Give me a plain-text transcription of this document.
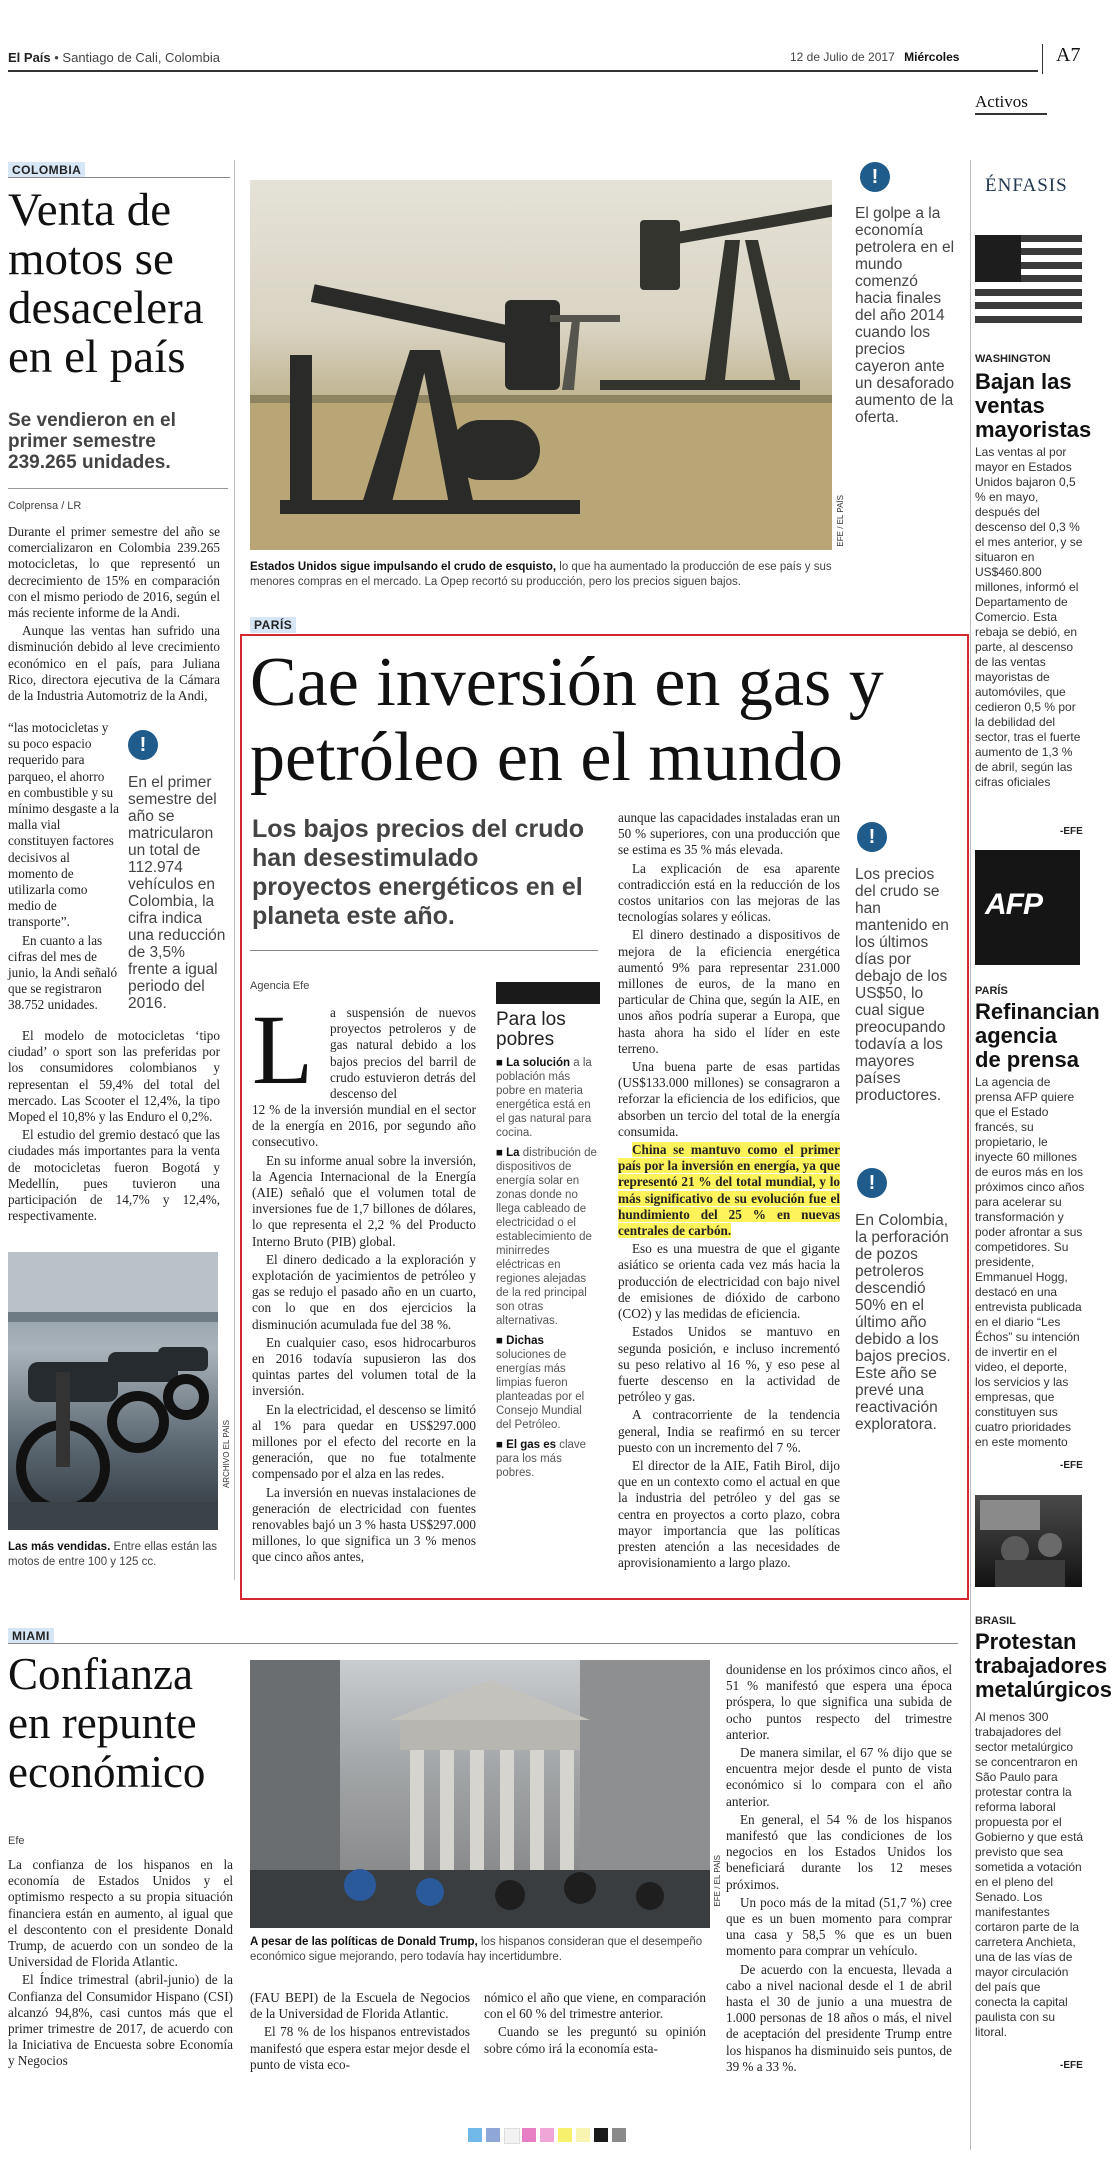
El País • Santiago de Cali, Colombia	12 de Julio de 2017 Miércoles	A7
Activos
COLOMBIA
Venta de
motos se
desacelera
en el país

Se vendieron en el primer semestre 239.265 unidades.

Colprensa / LR

Durante el primer semestre del año se comercializaron en Colombia 239.265 motocicletas, lo que representó un decrecimiento de 15% en comparación con el mismo periodo de 2016, según el más reciente informe de la Andi.

Aunque las ventas han sufrido una disminución debido al leve crecimiento económico en el país, para Juliana Rico, directora ejecutiva de la Cámara de la Industria Automotriz de la Andi,

“las motocicletas y su poco espacio requerido para parqueo, el ahorro en combustible y su mínimo desgaste a la malla vial constituyen factores decisivos al momento de utilizarla como medio de transporte”.

En cuanto a las cifras del mes de junio, la Andi señaló que se registraron 38.752 unidades.

!
En el primer semestre del año se matricularon un total de 112.974 vehículos en Colombia, la cifra indica una reducción de 3,5% frente a igual periodo del 2016.

El modelo de motocicletas ‘tipo ciudad’ o sport son las preferidas por los consumidores colombianos y representan el 59,4% del total del mercado. Las Scooter el 12,4%, la tipo Moped el 10,8% y las Enduro el 0,2%.

El estudio del gremio destacó que las ciudades más importantes para la venta de motocicletas fueron Bogotá y Medellín, pues tuvieron una participación de 14,7% y 12,4%, respectivamente.

ARCHIVO EL PAÍS
Las más vendidas. Entre ellas están las motos de entre 100 y 125 cc.
EFE / EL PAÍS
Estados Unidos sigue impulsando el crudo de esquisto, lo que ha aumentado la producción de ese país y sus menores compras en el mercado. La Opep recortó su producción, pero los precios siguen bajos.
!
El golpe a la economía petrolera en el mundo comenzó hacia finales del año 2014 cuando los precios cayeron ante un desaforado aumento de la oferta.
PARÍS
Cae inversión en gas y
petróleo en el mundo

Los bajos precios del crudo han desestimulado proyectos energéticos en el planeta este año.

Agencia Efe
L a suspensión de nuevos proyectos petroleros y de gas natural debido a los bajos precios del barril de crudo estuvieron detrás del descenso del

12 % de la inversión mundial en el sector de la energía en 2016, por segundo año consecutivo.

En su informe anual sobre la inversión, la Agencia Internacional de la Energía (AIE) señaló que el volumen total de inversiones fue de 1,7 billones de dólares, lo que representa el 2,2 % del Producto Interno Bruto (PIB) global.

El dinero dedicado a la exploración y explotación de yacimientos de petróleo y gas se redujo el pasado año en un cuarto, con lo que en dos ejercicios la disminución acumulada fue del 38 %.

En cualquier caso, esos hidrocarburos en 2016 todavía supusieron las dos quintas partes del volumen total de la inversión.

En la electricidad, el descenso se limitó al 1% para quedar en US$297.000 millones por el efecto del recorte en la generación, que no fue totalmente compensado por el alza en las redes.

La inversión en nuevas instalaciones de generación de electricidad con fuentes renovables bajó un 3 % hasta US$297.000 millones, lo que significa un 3 % menos que cinco años antes,

Para los pobres

■ La solución a la población más pobre en materia energética está en el gas natural para cocina.

■ La distribución de dispositivos de energía solar en zonas donde no llega cableado de electricidad o el establecimiento de minirredes eléctricas en regiones alejadas de la red principal son otras alternativas.

■ Dichas soluciones de energías más limpias fueron planteadas por el Consejo Mundial del Petróleo.

■ El gas es clave para los más pobres.

aunque las capacidades instaladas eran un 50 % superiores, con una producción que se estima es 35 % más elevada.

La explicación de esa aparente contradicción está en la reducción de los costos unitarios con las mejoras de las tecnologías solares y eólicas.

El dinero destinado a dispositivos de mejora de la eficiencia energética aumentó 9% para representar 231.000 millones de euros, de la mano en particular de China que, según la AIE, en unos años podría superar a Europa, que hasta ahora ha sido el líder en este terreno.

Una buena parte de esas partidas (US$133.000 millones) se consagraron a reforzar la eficiencia de los edificios, que absorben un tercio del total de la energía consumida.

China se mantuvo como el primer país por la inversión en energía, ya que representó 21 % del total mundial, y lo más significativo de su evolución fue el hundimiento del 25 % en nuevas centrales de carbón.

Eso es una muestra de que el gigante asiático se orienta cada vez más hacia la producción de electricidad con bajo nivel de emisiones de dióxido de carbono (CO2) y las medidas de eficiencia.

Estados Unidos se mantuvo en segunda posición, e incluso incrementó su peso relativo al 16 %, y eso pese al fuerte descenso en la actividad de petróleo y gas.

A contracorriente de la tendencia general, India se reafirmó en su tercer puesto con un incremento del 7 %.

El director de la AIE, Fatih Birol, dijo que en un contexto como el actual en que la industria del petróleo y del gas se centra en proyectos a corto plazo, cobra mayor importancia que las políticas presten atención a las necesidades de aprovisionamiento a largo plazo.

!
Los precios del crudo se han mantenido en los últimos días por debajo de los US$50, lo cual sigue preocupando todavía a los mayores países productores.
!
En Colombia, la perforación de pozos petroleros descendió 50% en el último año debido a los bajos precios. Este año se prevé una reactivación exploratora.
ÉNFASIS
WASHINGTON
Bajan las ventas mayoristas

Las ventas al por mayor en Estados Unidos bajaron 0,5 % en mayo, después del descenso del 0,3 % el mes anterior, y se situaron en US$460.800 millones, informó el Departamento de Comercio. Esta rebaja se debió, en parte, al descenso de las ventas mayoristas de automóviles, que cedieron 0,5 % por la debilidad del sector, tras el fuerte aumento de 1,3 % de abril, según las cifras oficiales

-EFE
AFP
PARÍS
Refinancian agencia de prensa

La agencia de prensa AFP quiere que el Estado francés, su propietario, le inyecte 60 millones de euros más en los próximos cinco años para acelerar su transformación y poder afrontar a sus competidores. Su presidente, Emmanuel Hogg, destacó en una entrevista publicada en el diario “Les Échos” su intención de invertir en el video, el deporte, los servicios y las empresas, que constituyen sus cuatro prioridades en este momento

-EFE
BRASIL
Protestan trabajadores metalúrgicos

Al menos 300 trabajadores del sector metalúrgico se concentraron en São Paulo para protestar contra la reforma laboral propuesta por el Gobierno y que está previsto que sea sometida a votación en el pleno del Senado. Los manifestantes cortaron parte de la carretera Anchieta, una de las vías de mayor circulación del país que conecta la capital paulista con su litoral.

-EFE
MIAMI
Confianza
en repunte
económico
Efe

La confianza de los hispanos en la economía de Estados Unidos y el optimismo respecto a su propia situación financiera están en aumento, al igual que el descontento con el presidente Donald Trump, de acuerdo con un sondeo de la Universidad de Florida Atlantic.

El Índice trimestral (abril-junio) de la Confianza del Consumidor Hispano (CSI) alcanzó 94,8%, casi cuntos más que el primer trimestre de 2017, de acuerdo con la Iniciativa de Encuesta sobre Economía y Negocios

EFE / EL PAÍS
A pesar de las políticas de Donald Trump, los hispanos consideran que el desempeño económico sigue mejorando, pero todavía hay incertidumbre.

(FAU BEPI) de la Escuela de Negocios de la Universidad de Florida Atlantic.

El 78 % de los hispanos entrevistados manifestó que espera estar mejor desde el punto de vista eco-

nómico el año que viene, en comparación con el 60 % del trimestre anterior.

Cuando se les preguntó su opinión sobre cómo irá la economía esta-

dounidense en los próximos cinco años, el 51 % manifestó que espera una época próspera, lo que significa una subida de ocho puntos respecto del trimestre anterior.

De manera similar, el 67 % dijo que se encuentra mejor desde el punto de vista económico si lo compara con el año anterior.

En general, el 54 % de los hispanos manifestó que las condiciones de los negocios en los Estados Unidos los beneficiará durante los 12 meses próximos.

Un poco más de la mitad (51,7 %) cree que es un buen momento para comprar una casa y 58,5 % que es un buen momento para comprar un vehículo.

De acuerdo con la encuesta, llevada a cabo a nivel nacional desde el 1 de abril hasta el 30 de junio a una muestra de 1.000 personas de 18 años o más, el nivel de aceptación del presidente Trump entre los hispanos ha disminuido seis puntos, de 39 % a 33 %.
